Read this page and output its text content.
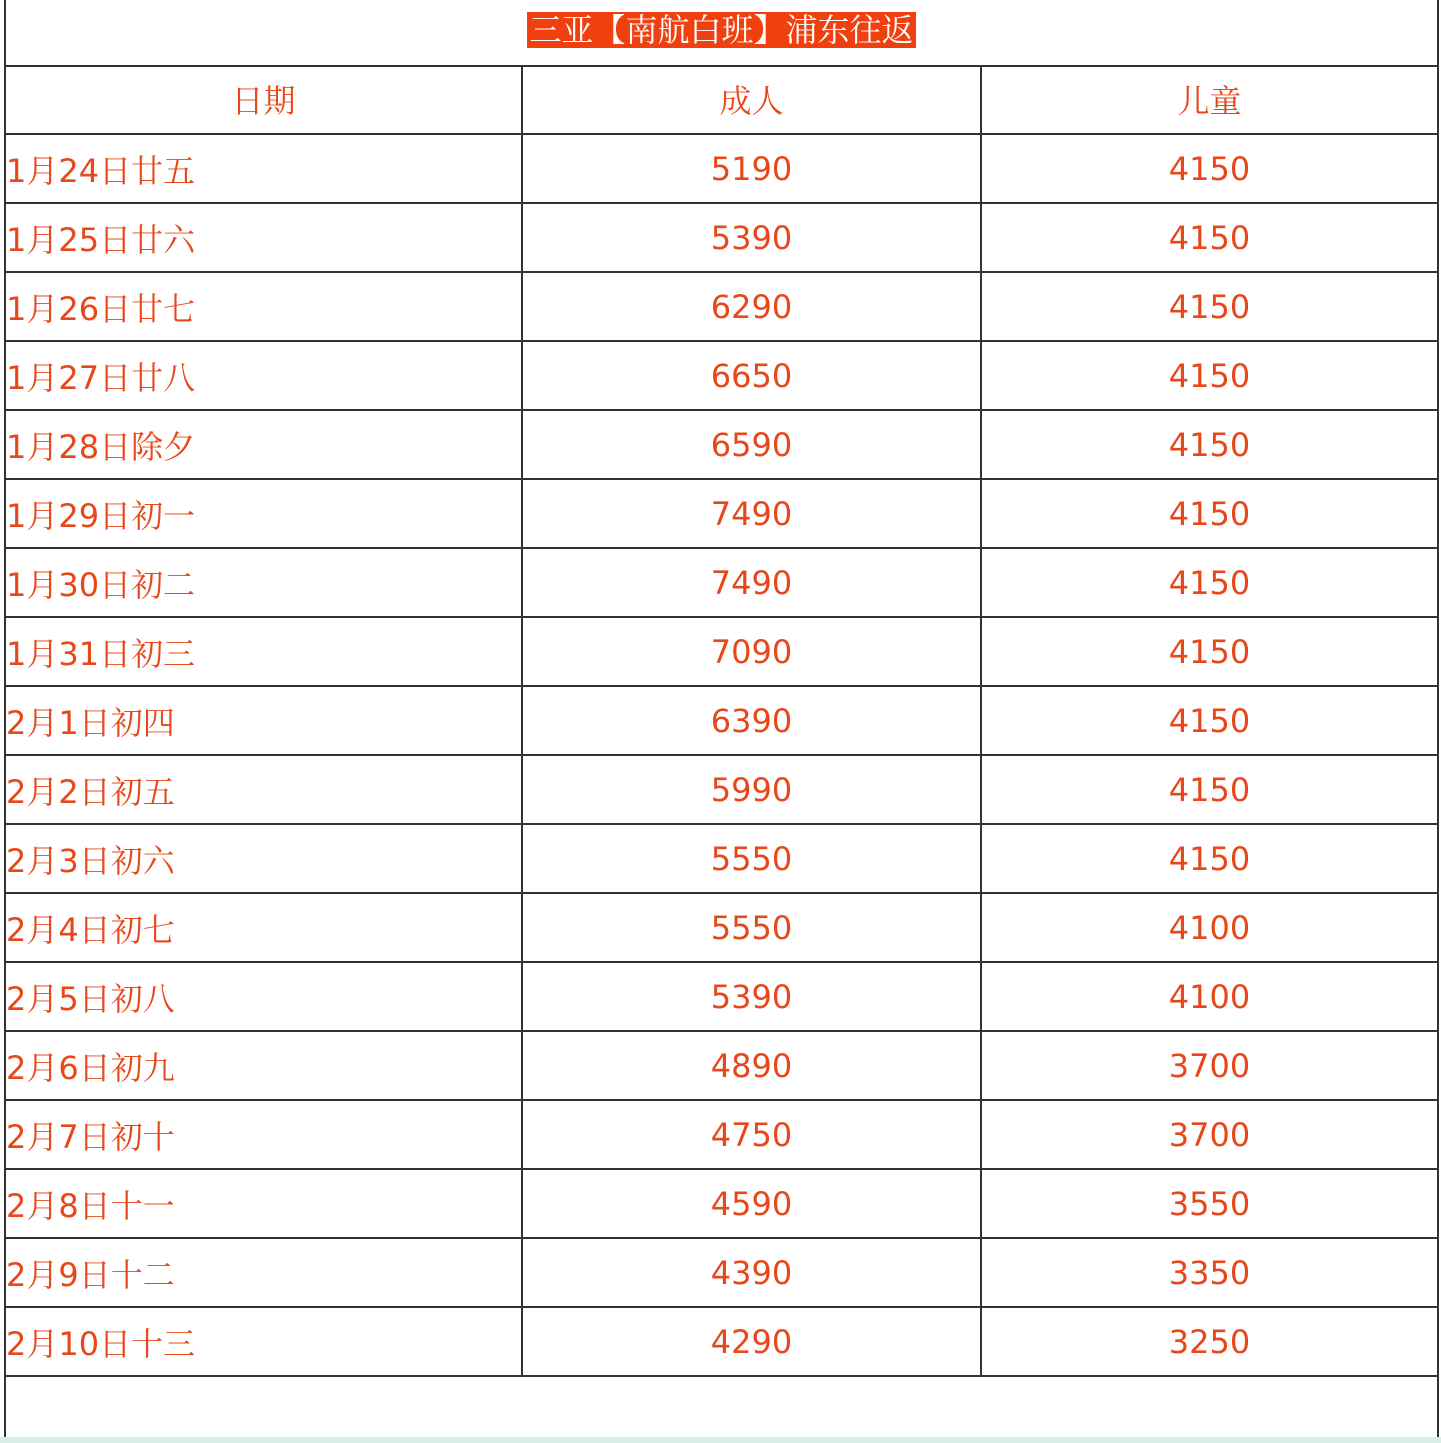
三亚【南航白班】浦东往返
日期	成人	儿童
1月24日廿五	5190	4150
1月25日廿六	5390	4150
1月26日廿七	6290	4150
1月27日廿八	6650	4150
1月28日除夕	6590	4150
1月29日初一	7490	4150
1月30日初二	7490	4150
1月31日初三	7090	4150
2月1日初四	6390	4150
2月2日初五	5990	4150
2月3日初六	5550	4150
2月4日初七	5550	4100
2月5日初八	5390	4100
2月6日初九	4890	3700
2月7日初十	4750	3700
2月8日十一	4590	3550
2月9日十二	4390	3350
2月10日十三	4290	3250
